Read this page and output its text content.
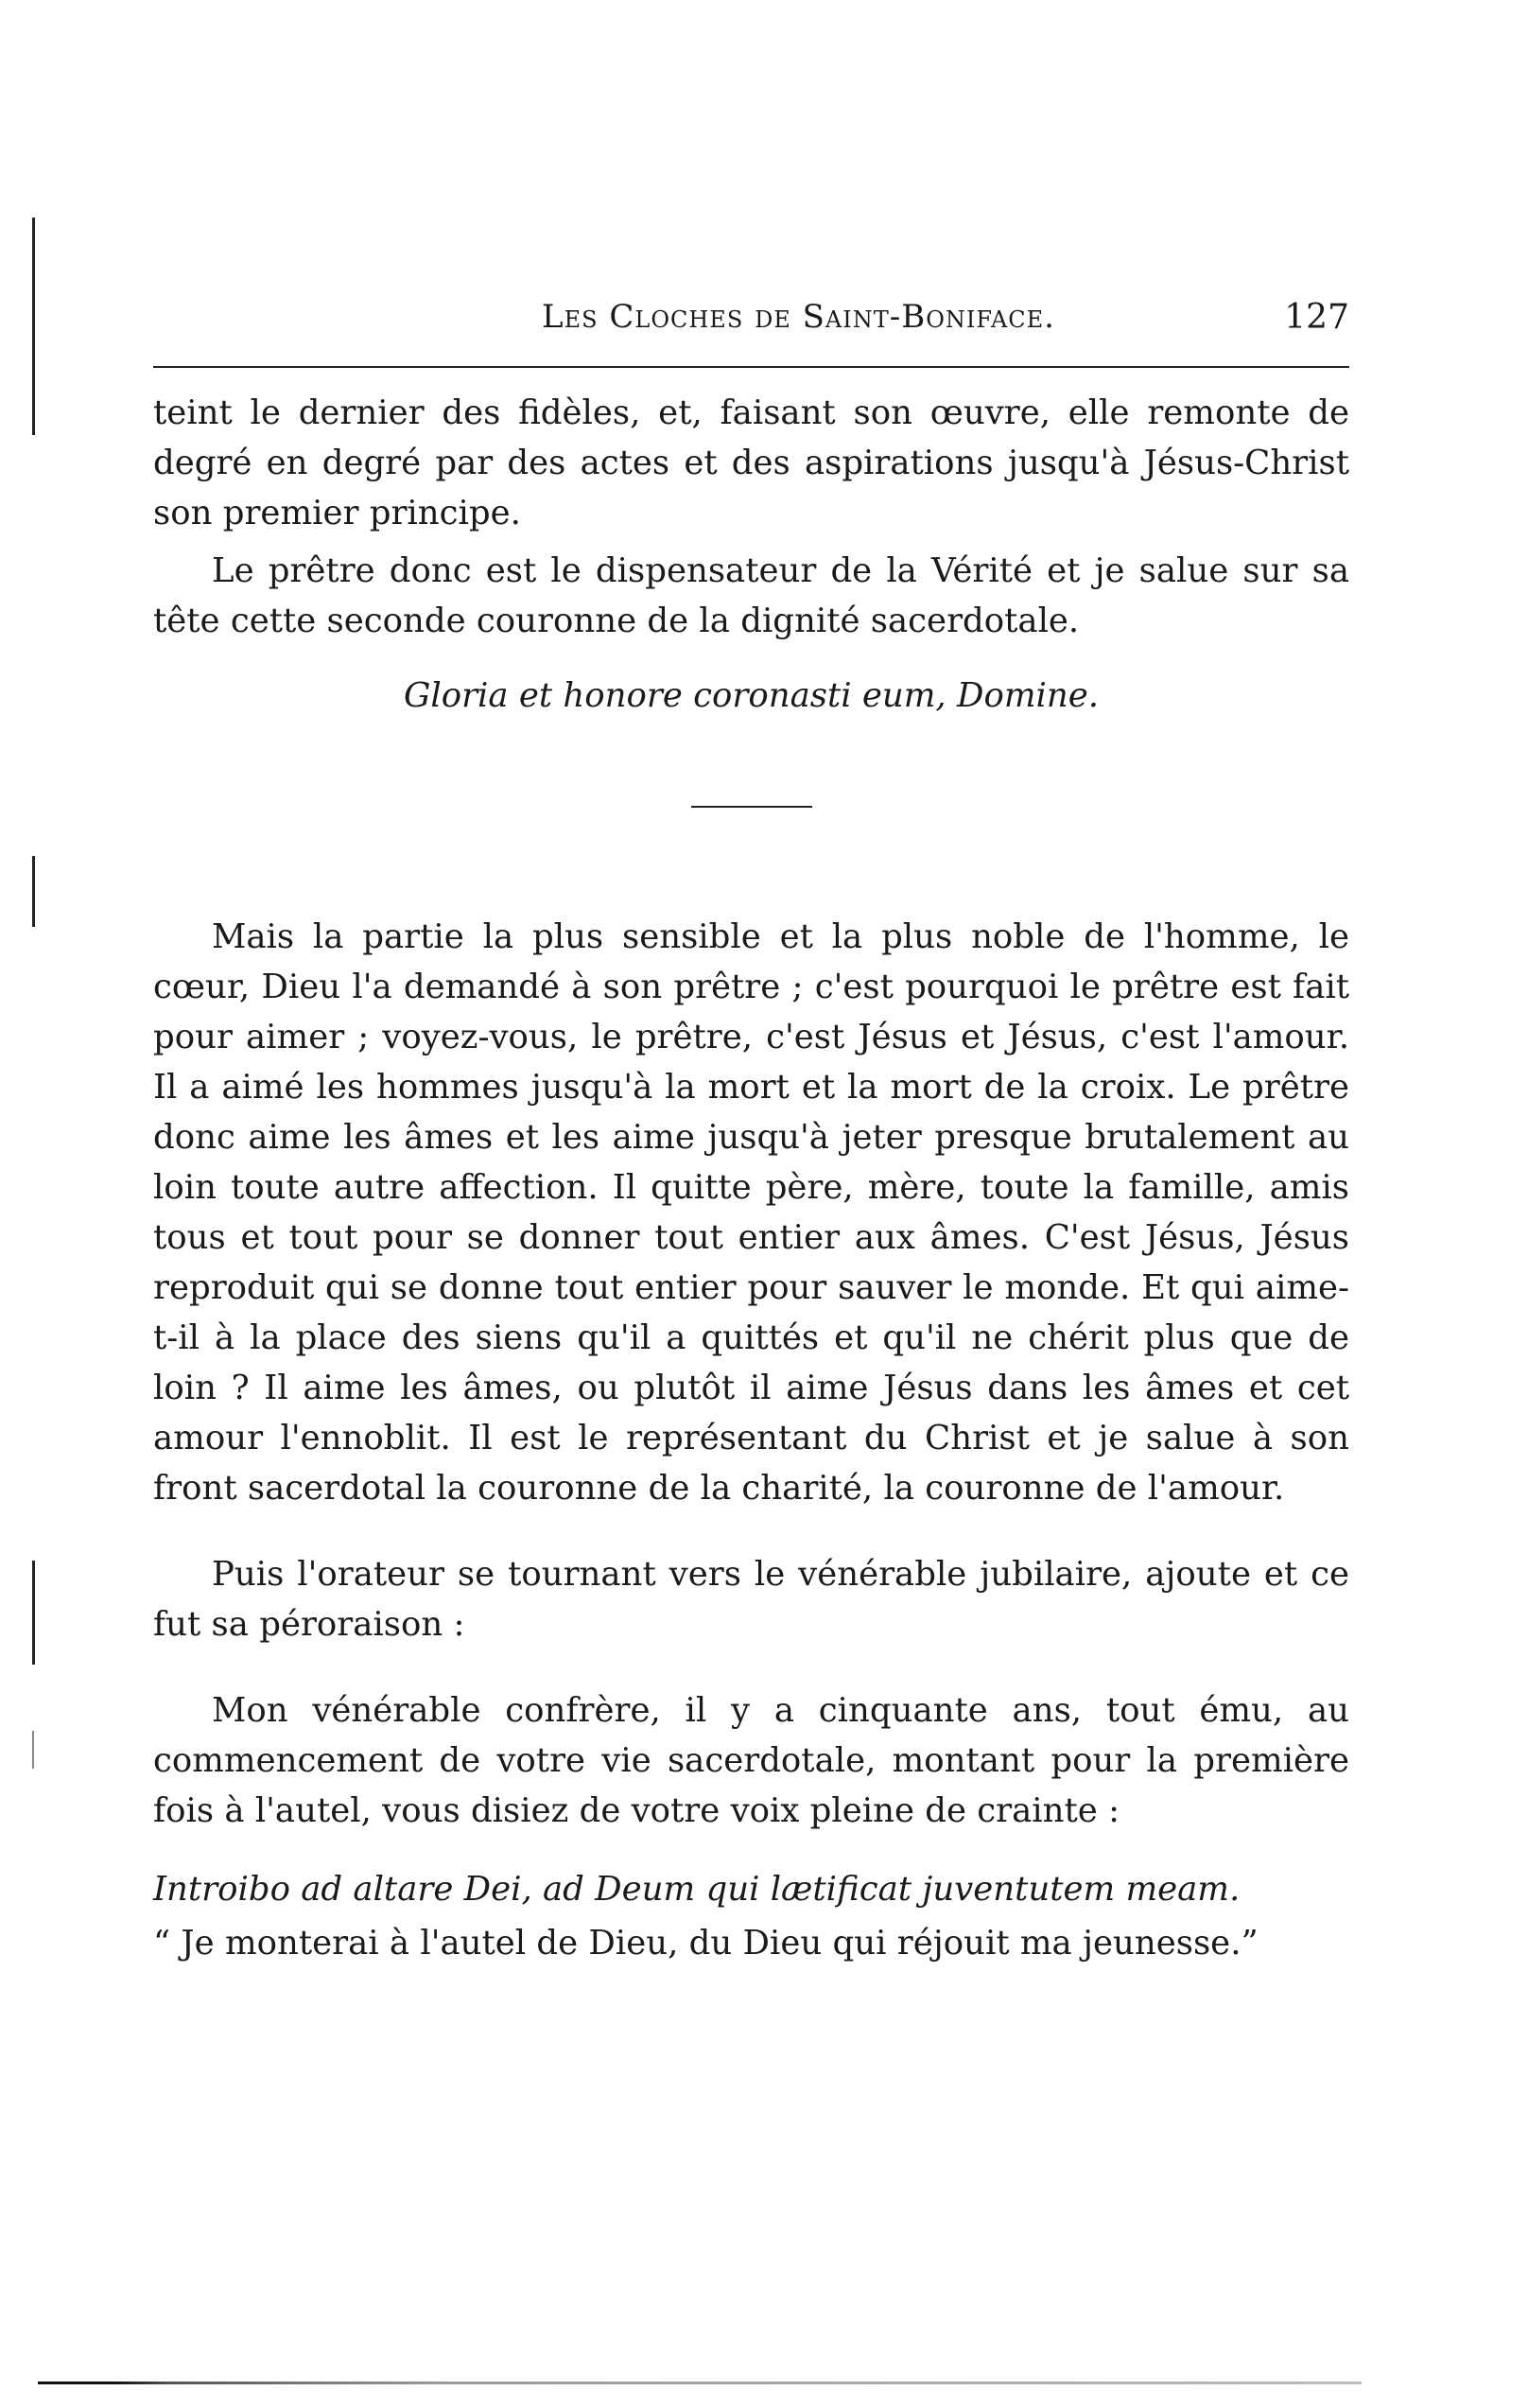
Les Cloches de Saint-Boniface.	127

teint le dernier des fidèles, et, faisant son œuvre, elle remonte de degré en degré par des actes et des aspirations jusqu'à Jésus-Christ son premier principe.

Le prêtre donc est le dispensateur de la Vérité et je salue sur sa tête cette seconde couronne de la dignité sacerdotale.

Gloria et honore coronasti eum, Domine.

Mais la partie la plus sensible et la plus noble de l'homme, le cœur, Dieu l'a demandé à son prêtre ; c'est pourquoi le prêtre est fait pour aimer ; voyez-vous, le prêtre, c'est Jésus et Jésus, c'est l'amour. Il a aimé les hommes jusqu'à la mort et la mort de la croix. Le prêtre donc aime les âmes et les aime jusqu'à jeter presque brutalement au loin toute autre affection. Il quitte père, mère, toute la famille, amis tous et tout pour se donner tout entier aux âmes. C'est Jésus, Jésus reproduit qui se donne tout entier pour sauver le monde. Et qui aime-t-il à la place des siens qu'il a quittés et qu'il ne chérit plus que de loin ? Il aime les âmes, ou plutôt il aime Jésus dans les âmes et cet amour l'ennoblit. Il est le représentant du Christ et je salue à son front sacerdotal la couronne de la charité, la couronne de l'amour.

Puis l'orateur se tournant vers le vénérable jubilaire, ajoute et ce fut sa péroraison :

Mon vénérable confrère, il y a cinquante ans, tout ému, au commencement de votre vie sacerdotale, montant pour la première fois à l'autel, vous disiez de votre voix pleine de crainte :

Introibo ad altare Dei, ad Deum qui lætificat juventutem meam.

“ Je monterai à l'autel de Dieu, du Dieu qui réjouit ma jeunesse.”
